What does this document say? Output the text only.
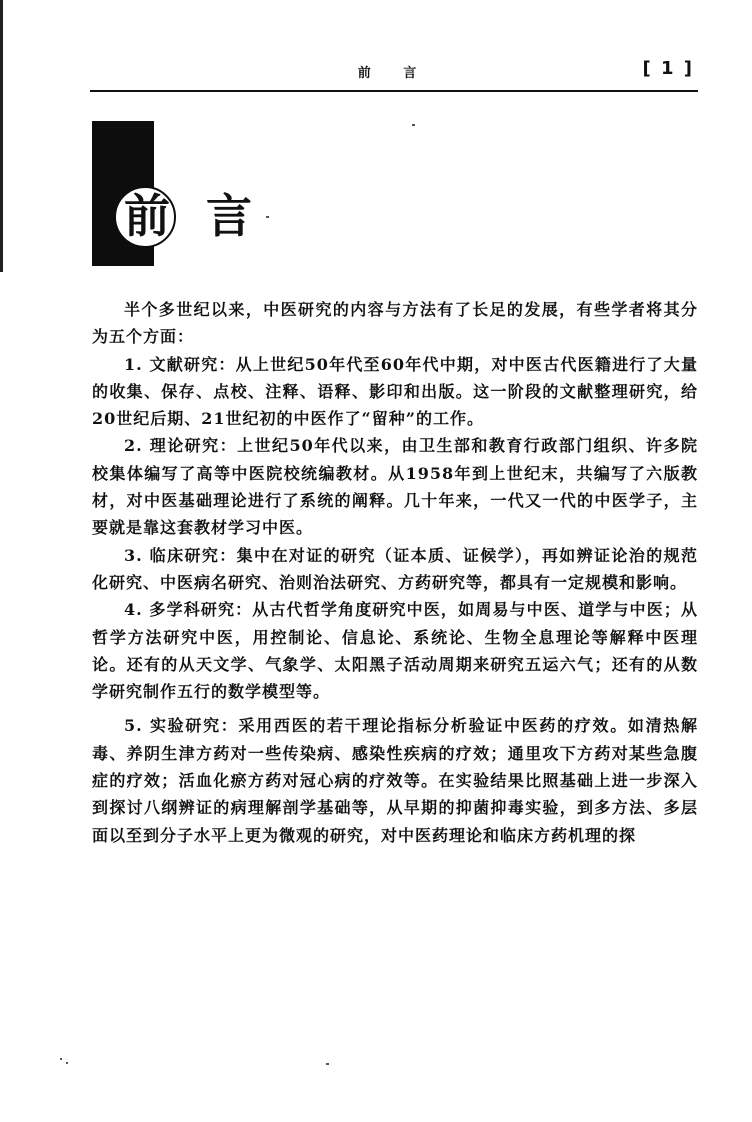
前 言	[ 1 ]
前 言

半个多世纪以来，中医研究的内容与方法有了长足的发展，有些学者将其分为五个方面：

1. 文献研究：从上世纪50年代至60年代中期，对中医古代医籍进行了大量的收集、保存、点校、注释、语释、影印和出版。这一阶段的文献整理研究，给20世纪后期、21世纪初的中医作了“留种”的工作。

2. 理论研究：上世纪50年代以来，由卫生部和教育行政部门组织、许多院校集体编写了高等中医院校统编教材。从1958年到上世纪末，共编写了六版教材，对中医基础理论进行了系统的阐释。几十年来，一代又一代的中医学子，主要就是靠这套教材学习中医。

3. 临床研究：集中在对证的研究（证本质、证候学），再如辨证论治的规范化研究、中医病名研究、治则治法研究、方药研究等，都具有一定规模和影响。

4. 多学科研究：从古代哲学角度研究中医，如周易与中医、道学与中医；从哲学方法研究中医，用控制论、信息论、系统论、生物全息理论等解释中医理论。还有的从天文学、气象学、太阳黑子活动周期来研究五运六气；还有的从数学研究制作五行的数学模型等。

5. 实验研究：采用西医的若干理论指标分析验证中医药的疗效。如清热解毒、养阴生津方药对一些传染病、感染性疾病的疗效；通里攻下方药对某些急腹症的疗效；活血化瘀方药对冠心病的疗效等。在实验结果比照基础上进一步深入到探讨八纲辨证的病理解剖学基础等，从早期的抑菌抑毒实验，到多方法、多层面以至到分子水平上更为微观的研究，对中医药理论和临床方药机理的探
